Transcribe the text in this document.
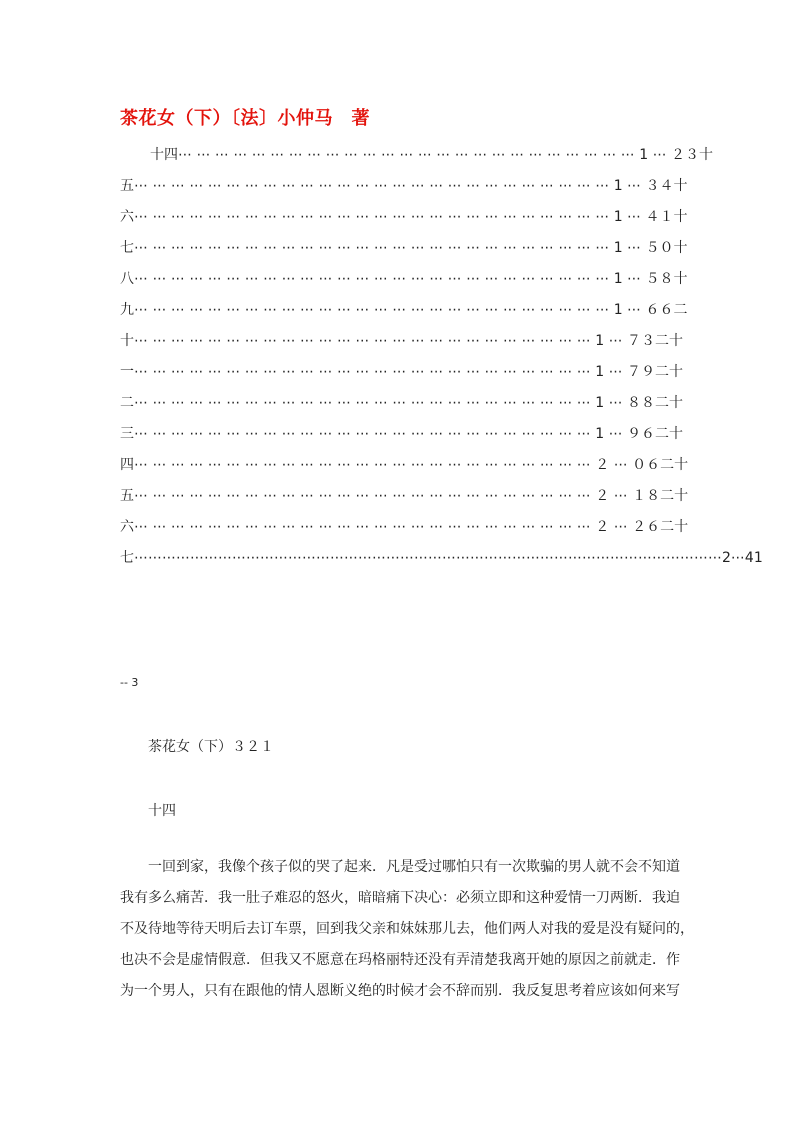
茶花女（下）〔法〕小仲马　著
十四⋯ ⋯ ⋯ ⋯ ⋯ ⋯ ⋯ ⋯ ⋯ ⋯ ⋯ ⋯ ⋯ ⋯ ⋯ ⋯ ⋯ ⋯ ⋯ ⋯ ⋯ ⋯ ⋯ ⋯ ⋯ 1 ⋯ ２３十
五⋯ ⋯ ⋯ ⋯ ⋯ ⋯ ⋯ ⋯ ⋯ ⋯ ⋯ ⋯ ⋯ ⋯ ⋯ ⋯ ⋯ ⋯ ⋯ ⋯ ⋯ ⋯ ⋯ ⋯ ⋯ ⋯ 1 ⋯ ３４十
六⋯ ⋯ ⋯ ⋯ ⋯ ⋯ ⋯ ⋯ ⋯ ⋯ ⋯ ⋯ ⋯ ⋯ ⋯ ⋯ ⋯ ⋯ ⋯ ⋯ ⋯ ⋯ ⋯ ⋯ ⋯ ⋯ 1 ⋯ ４１十
七⋯ ⋯ ⋯ ⋯ ⋯ ⋯ ⋯ ⋯ ⋯ ⋯ ⋯ ⋯ ⋯ ⋯ ⋯ ⋯ ⋯ ⋯ ⋯ ⋯ ⋯ ⋯ ⋯ ⋯ ⋯ ⋯ 1 ⋯ ５０十
八⋯ ⋯ ⋯ ⋯ ⋯ ⋯ ⋯ ⋯ ⋯ ⋯ ⋯ ⋯ ⋯ ⋯ ⋯ ⋯ ⋯ ⋯ ⋯ ⋯ ⋯ ⋯ ⋯ ⋯ ⋯ ⋯ 1 ⋯ ５８十
九⋯ ⋯ ⋯ ⋯ ⋯ ⋯ ⋯ ⋯ ⋯ ⋯ ⋯ ⋯ ⋯ ⋯ ⋯ ⋯ ⋯ ⋯ ⋯ ⋯ ⋯ ⋯ ⋯ ⋯ ⋯ ⋯ 1 ⋯ ６６二
十⋯ ⋯ ⋯ ⋯ ⋯ ⋯ ⋯ ⋯ ⋯ ⋯ ⋯ ⋯ ⋯ ⋯ ⋯ ⋯ ⋯ ⋯ ⋯ ⋯ ⋯ ⋯ ⋯ ⋯ ⋯ 1 ⋯ ７３二十
一⋯ ⋯ ⋯ ⋯ ⋯ ⋯ ⋯ ⋯ ⋯ ⋯ ⋯ ⋯ ⋯ ⋯ ⋯ ⋯ ⋯ ⋯ ⋯ ⋯ ⋯ ⋯ ⋯ ⋯ ⋯ 1 ⋯ ７９二十
二⋯ ⋯ ⋯ ⋯ ⋯ ⋯ ⋯ ⋯ ⋯ ⋯ ⋯ ⋯ ⋯ ⋯ ⋯ ⋯ ⋯ ⋯ ⋯ ⋯ ⋯ ⋯ ⋯ ⋯ ⋯ 1 ⋯ ８８二十
三⋯ ⋯ ⋯ ⋯ ⋯ ⋯ ⋯ ⋯ ⋯ ⋯ ⋯ ⋯ ⋯ ⋯ ⋯ ⋯ ⋯ ⋯ ⋯ ⋯ ⋯ ⋯ ⋯ ⋯ ⋯ 1 ⋯ ９６二十
四⋯ ⋯ ⋯ ⋯ ⋯ ⋯ ⋯ ⋯ ⋯ ⋯ ⋯ ⋯ ⋯ ⋯ ⋯ ⋯ ⋯ ⋯ ⋯ ⋯ ⋯ ⋯ ⋯ ⋯ ⋯ ２ ⋯ ０６二十
五⋯ ⋯ ⋯ ⋯ ⋯ ⋯ ⋯ ⋯ ⋯ ⋯ ⋯ ⋯ ⋯ ⋯ ⋯ ⋯ ⋯ ⋯ ⋯ ⋯ ⋯ ⋯ ⋯ ⋯ ⋯ ２ ⋯ １８二十
六⋯ ⋯ ⋯ ⋯ ⋯ ⋯ ⋯ ⋯ ⋯ ⋯ ⋯ ⋯ ⋯ ⋯ ⋯ ⋯ ⋯ ⋯ ⋯ ⋯ ⋯ ⋯ ⋯ ⋯ ⋯ ２ ⋯ ２６二十
七⋯⋯⋯⋯⋯⋯⋯⋯⋯⋯⋯⋯⋯⋯⋯⋯⋯⋯⋯⋯⋯⋯⋯⋯⋯⋯⋯⋯⋯⋯⋯⋯⋯⋯⋯⋯⋯⋯⋯⋯⋯⋯2⋯41
-- 3
茶花女（下）３２１
十四
一回到家，我像个孩子似的哭了起来．凡是受过哪怕只有一次欺骗的男人就不会不知道
我有多么痛苦．我一肚子难忍的怒火，暗暗痛下决心：必须立即和这种爱情一刀两断．我迫
不及待地等待天明后去订车票，回到我父亲和妹妹那儿去，他们两人对我的爱是没有疑问的，
也决不会是虚情假意．但我又不愿意在玛格丽特还没有弄清楚我离开她的原因之前就走．作
为一个男人，只有在跟他的情人恩断义绝的时候才会不辞而别．我反复思考着应该如何来写
